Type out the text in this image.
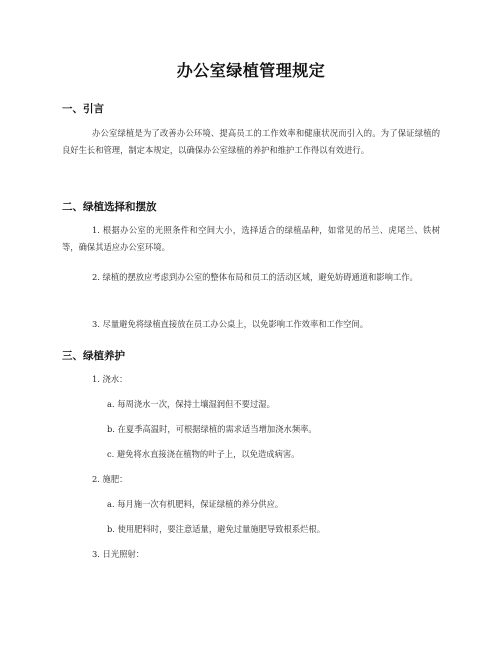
办公室绿植管理规定
一、引言

办公室绿植是为了改善办公环境、提高员工的工作效率和健康状况而引入的。为了保证绿植的良好生长和管理，制定本规定，以确保办公室绿植的养护和维护工作得以有效进行。

二、绿植选择和摆放

1. 根据办公室的光照条件和空间大小，选择适合的绿植品种，如常见的吊兰、虎尾兰、铁树等，确保其适应办公室环境。

2. 绿植的摆放应考虑到办公室的整体布局和员工的活动区域，避免妨碍通道和影响工作。

3. 尽量避免将绿植直接放在员工办公桌上，以免影响工作效率和工作空间。

三、绿植养护
1. 浇水：
a. 每周浇水一次，保持土壤湿润但不要过湿。
b. 在夏季高温时，可根据绿植的需求适当增加浇水频率。
c. 避免将水直接浇在植物的叶子上，以免造成病害。
2. 施肥：
a. 每月施一次有机肥料，保证绿植的养分供应。
b. 使用肥料时，要注意适量，避免过量施肥导致根系烂根。
3. 日光照射：
